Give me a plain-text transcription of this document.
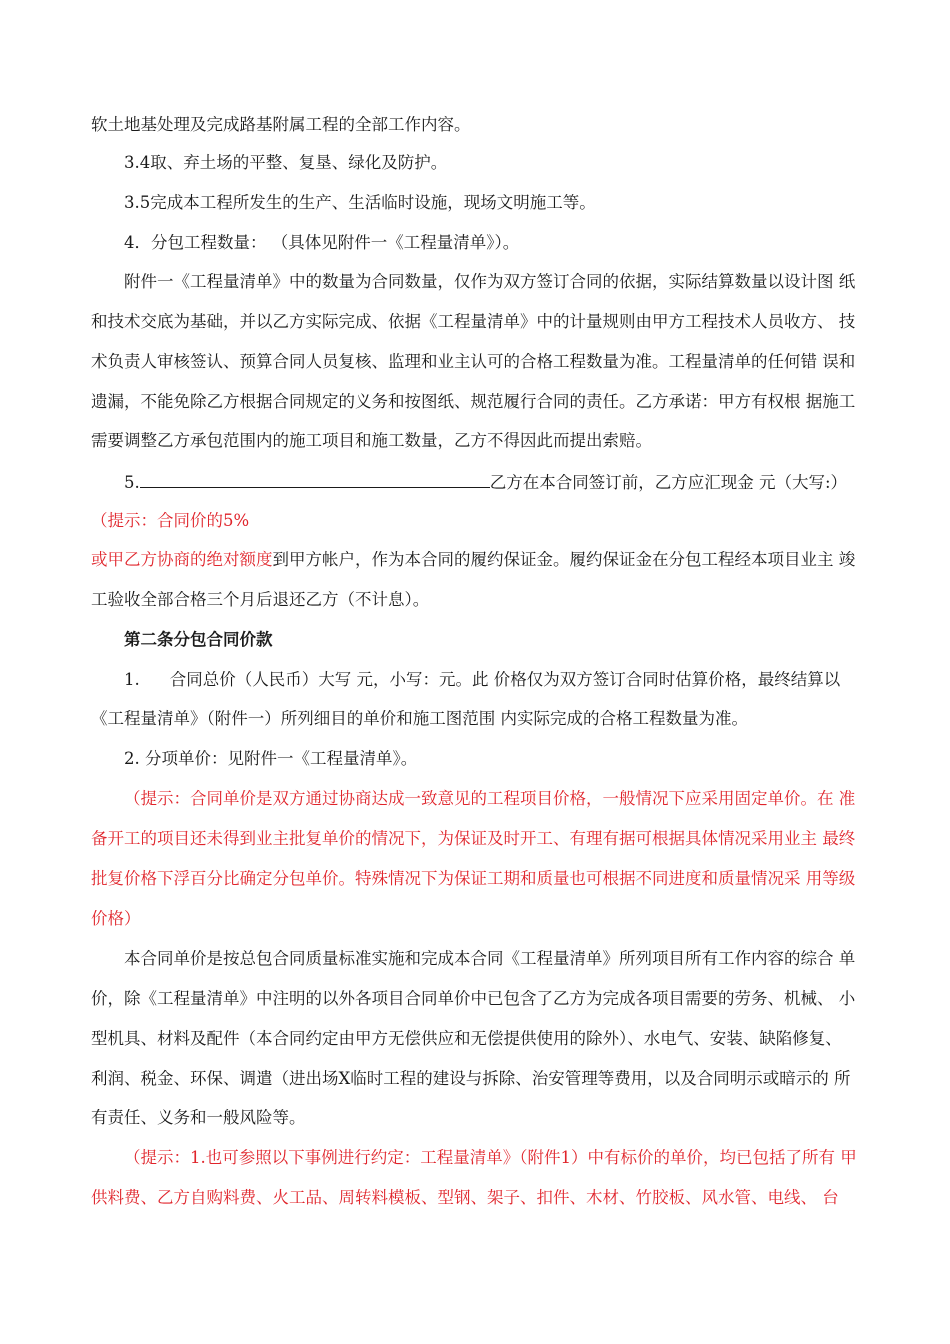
软土地基处理及完成路基附属工程的全部工作内容。
3.4取、弃土场的平整、复垦、绿化及防护。
3.5完成本工程所发生的生产、生活临时设施，现场文明施工等。
4．分包工程数量： （具体见附件一《工程量清单》）。
附件一《工程量清单》中的数量为合同数量，仅作为双方签订合同的依据，实际结算数量以设计图 纸
和技术交底为基础，并以乙方实际完成、依据《工程量清单》中的计量规则由甲方工程技术人员收方、 技
术负责人审核签认、预算合同人员复核、监理和业主认可的合格工程数量为准。工程量清单的任何错 误和
遗漏，不能免除乙方根据合同规定的义务和按图纸、规范履行合同的责任。乙方承诺：甲方有权根 据施工
需要调整乙方承包范围内的施工项目和施工数量，乙方不得因此而提出索赔。
5.	乙方在本合同签订前，乙方应汇现金 元（大写:）
（提示：合同价的5%
或甲乙方协商的绝对额度到甲方帐户，作为本合同的履约保证金。履约保证金在分包工程经本项目业主 竣
工验收全部合格三个月后退还乙方（不计息）。
第二条分包合同价款
1. 合同总价（人民币）大写 元，小写：元。此 价格仅为双方签订合同时估算价格，最终结算以
《工程量清单》（附件一）所列细目的单价和施工图范围 内实际完成的合格工程数量为准。
2. 分项单价：见附件一《工程量清单》。
（提示：合同单价是双方通过协商达成一致意见的工程项目价格，一般情况下应采用固定单价。在 准
备开工的项目还未得到业主批复单价的情况下，为保证及时开工、有理有据可根据具体情况采用业主 最终
批复价格下浮百分比确定分包单价。特殊情况下为保证工期和质量也可根据不同进度和质量情况采 用等级
价格）
本合同单价是按总包合同质量标准实施和完成本合同《工程量清单》所列项目所有工作内容的综合 单
价，除《工程量清单》中注明的以外各项目合同单价中已包含了乙方为完成各项目需要的劳务、机械、 小
型机具、材料及配件（本合同约定由甲方无偿供应和无偿提供使用的除外）、水电气、安装、缺陷修复、
利润、税金、环保、调遣（进出场X临时工程的建设与拆除、治安管理等费用，以及合同明示或暗示的 所
有责任、义务和一般风险等。
（提示：1.也可参照以下事例进行约定：工程量清单》（附件1）中有标价的单价，均已包括了所有 甲
供料费、乙方自购料费、火工品、周转料模板、型钢、架子、扣件、木材、竹胶板、风水管、电线、 台
